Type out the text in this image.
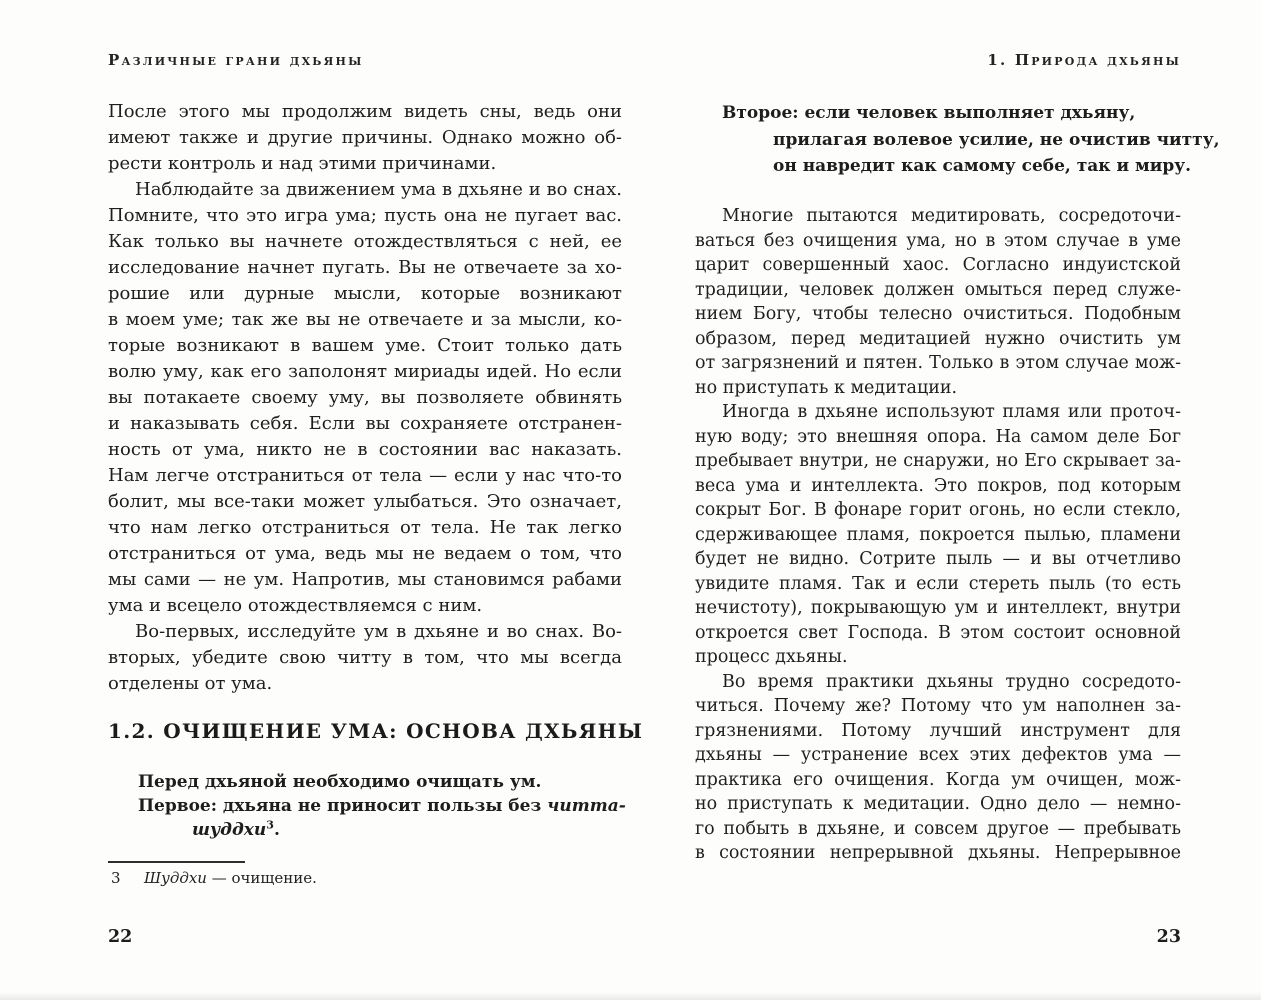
Различные грани дхьяны
После этого мы продолжим видеть сны, ведь они
имеют также и другие причины. Однако можно об-
рести контроль и над этими причинами.
Наблюдайте за движением ума в дхьяне и во снах.
Помните, что это игра ума; пусть она не пугает вас.
Как только вы начнете отождествляться с ней, ее
исследование начнет пугать. Вы не отвечаете за хо-
рошие или дурные мысли, которые возникают
в моем уме; так же вы не отвечаете и за мысли, ко-
торые возникают в вашем уме. Стоит только дать
волю уму, как его заполонят мириады идей. Но если
вы потакаете своему уму, вы позволяете обвинять
и наказывать себя. Если вы сохраняете отстранен-
ность от ума, никто не в состоянии вас наказать.
Нам легче отстраниться от тела — если у нас что-то
болит, мы все-таки может улыбаться. Это означает,
что нам легко отстраниться от тела. Не так легко
отстраниться от ума, ведь мы не ведаем о том, что
мы сами — не ум. Напротив, мы становимся рабами
ума и всецело отождествляемся с ним.
Во-первых, исследуйте ум в дхьяне и во снах. Во-
вторых, убедите свою читту в том, что мы всегда
отделены от ума.
1.2. ОЧИЩЕНИЕ УМА: ОСНОВА ДХЬЯНЫ
Перед дхьяной необходимо очищать ум.
Первое: дхьяна не приносит пользы без читта-
шуддхи$^3$.
3 Шуддхи — очищение.
22
1. Природа дхьяны
Второе: если человек выполняет дхьяну,
прилагая волевое усилие, не очистив читту,
он навредит как самому себе, так и миру.
Многие пытаются медитировать, сосредоточи-
ваться без очищения ума, но в этом случае в уме
царит совершенный хаос. Согласно индуистской
традиции, человек должен омыться перед служе-
нием Богу, чтобы телесно очиститься. Подобным
образом, перед медитацией нужно очистить ум
от загрязнений и пятен. Только в этом случае мож-
но приступать к медитации.
Иногда в дхьяне используют пламя или проточ-
ную воду; это внешняя опора. На самом деле Бог
пребывает внутри, не снаружи, но Его скрывает за-
веса ума и интеллекта. Это покров, под которым
сокрыт Бог. В фонаре горит огонь, но если стекло,
сдерживающее пламя, покроется пылью, пламени
будет не видно. Сотрите пыль — и вы отчетливо
увидите пламя. Так и если стереть пыль (то есть
нечистоту), покрывающую ум и интеллект, внутри
откроется свет Господа. В этом состоит основной
процесс дхьяны.
Во время практики дхьяны трудно сосредото-
читься. Почему же? Потому что ум наполнен за-
грязнениями. Потому лучший инструмент для
дхьяны — устранение всех этих дефектов ума —
практика его очищения. Когда ум очищен, мож-
но приступать к медитации. Одно дело — немно-
го побыть в дхьяне, и совсем другое — пребывать
в состоянии непрерывной дхьяны. Непрерывное
23
